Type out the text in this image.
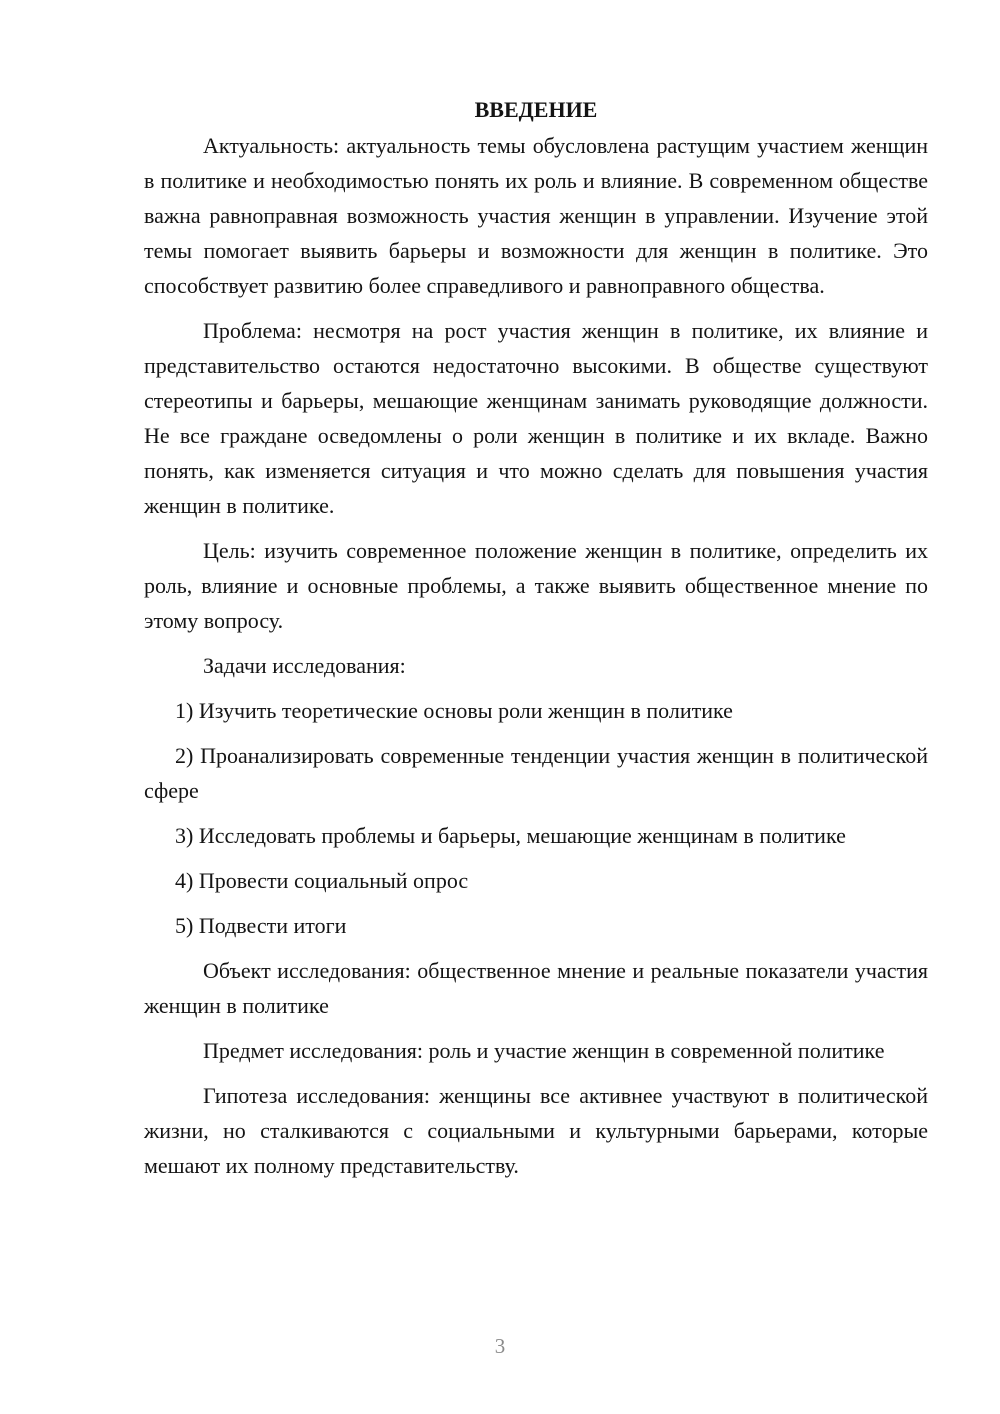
ВВЕДЕНИЕ

Актуальность: актуальность темы обусловлена растущим участием женщин в политике и необходимостью понять их роль и влияние. В современном обществе важна равноправная возможность участия женщин в управлении. Изучение этой темы помогает выявить барьеры и возможности для женщин в политике. Это способствует развитию более справедливого и равноправного общества.

Проблема: несмотря на рост участия женщин в политике, их влияние и представительство остаются недостаточно высокими. В обществе существуют стереотипы и барьеры, мешающие женщинам занимать руководящие должности. Не все граждане осведомлены о роли женщин в политике и их вкладе. Важно понять, как изменяется ситуация и что можно сделать для повышения участия женщин в политике.

Цель: изучить современное положение женщин в политике, определить их роль, влияние и основные проблемы, а также выявить общественное мнение по этому вопросу.

Задачи исследования:

1) Изучить теоретические основы роли женщин в политике
2) Проанализировать современные тенденции участия женщин в политической сфере
3) Исследовать проблемы и барьеры, мешающие женщинам в политике
4) Провести социальный опрос
5) Подвести итоги

Объект исследования: общественное мнение и реальные показатели участия женщин в политике

Предмет исследования: роль и участие женщин в современной политике

Гипотеза исследования: женщины все активнее участвуют в политической жизни, но сталкиваются с социальными и культурными барьерами, которые мешают их полному представительству.

3
